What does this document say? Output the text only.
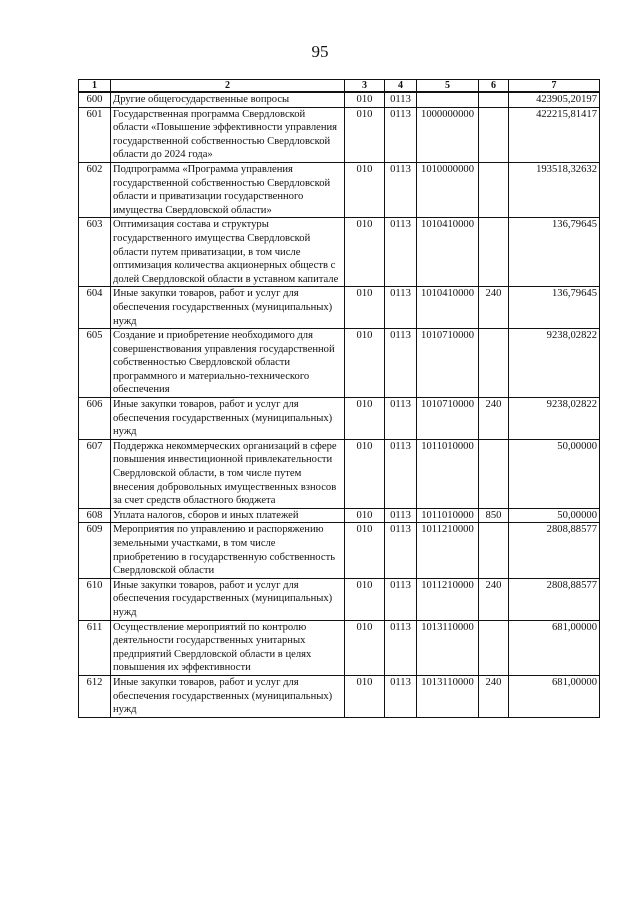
95
1	2	3	4	5	6	7
600	Другие общегосударственные вопросы	010	0113			423905,20197
601	Государственная программа Свердловской области «Повышение эффективности управления государственной собственностью Свердловской области до 2024 года»	010	0113	1000000000		422215,81417
602	Подпрограмма «Программа управления государственной собственностью Свердловской области и приватизации государственного имущества Свердловской области»	010	0113	1010000000		193518,32632
603	Оптимизация состава и структуры государственного имущества Свердловской области путем приватизации, в том числе оптимизация количества акционерных обществ с долей Свердловской области в уставном капитале	010	0113	1010410000		136,79645
604	Иные закупки товаров, работ и услуг для обеспечения государственных (муниципальных) нужд	010	0113	1010410000	240	136,79645
605	Создание и приобретение необходимого для совершенствования управления государственной собственностью Свердловской области программного и материально-технического обеспечения	010	0113	1010710000		9238,02822
606	Иные закупки товаров, работ и услуг для обеспечения государственных (муниципальных) нужд	010	0113	1010710000	240	9238,02822
607	Поддержка некоммерческих организаций в сфере повышения инвестиционной привлекательности Свердловской области, в том числе путем внесения добровольных имущественных взносов за счет средств областного бюджета	010	0113	1011010000		50,00000
608	Уплата налогов, сборов и иных платежей	010	0113	1011010000	850	50,00000
609	Мероприятия по управлению и распоряжению земельными участками, в том числе приобретению в государственную собственность Свердловской области	010	0113	1011210000		2808,88577
610	Иные закупки товаров, работ и услуг для обеспечения государственных (муниципальных) нужд	010	0113	1011210000	240	2808,88577
611	Осуществление мероприятий по контролю деятельности государственных унитарных предприятий Свердловской области в целях повышения их эффективности	010	0113	1013110000		681,00000
612	Иные закупки товаров, работ и услуг для обеспечения государственных (муниципальных) нужд	010	0113	1013110000	240	681,00000
